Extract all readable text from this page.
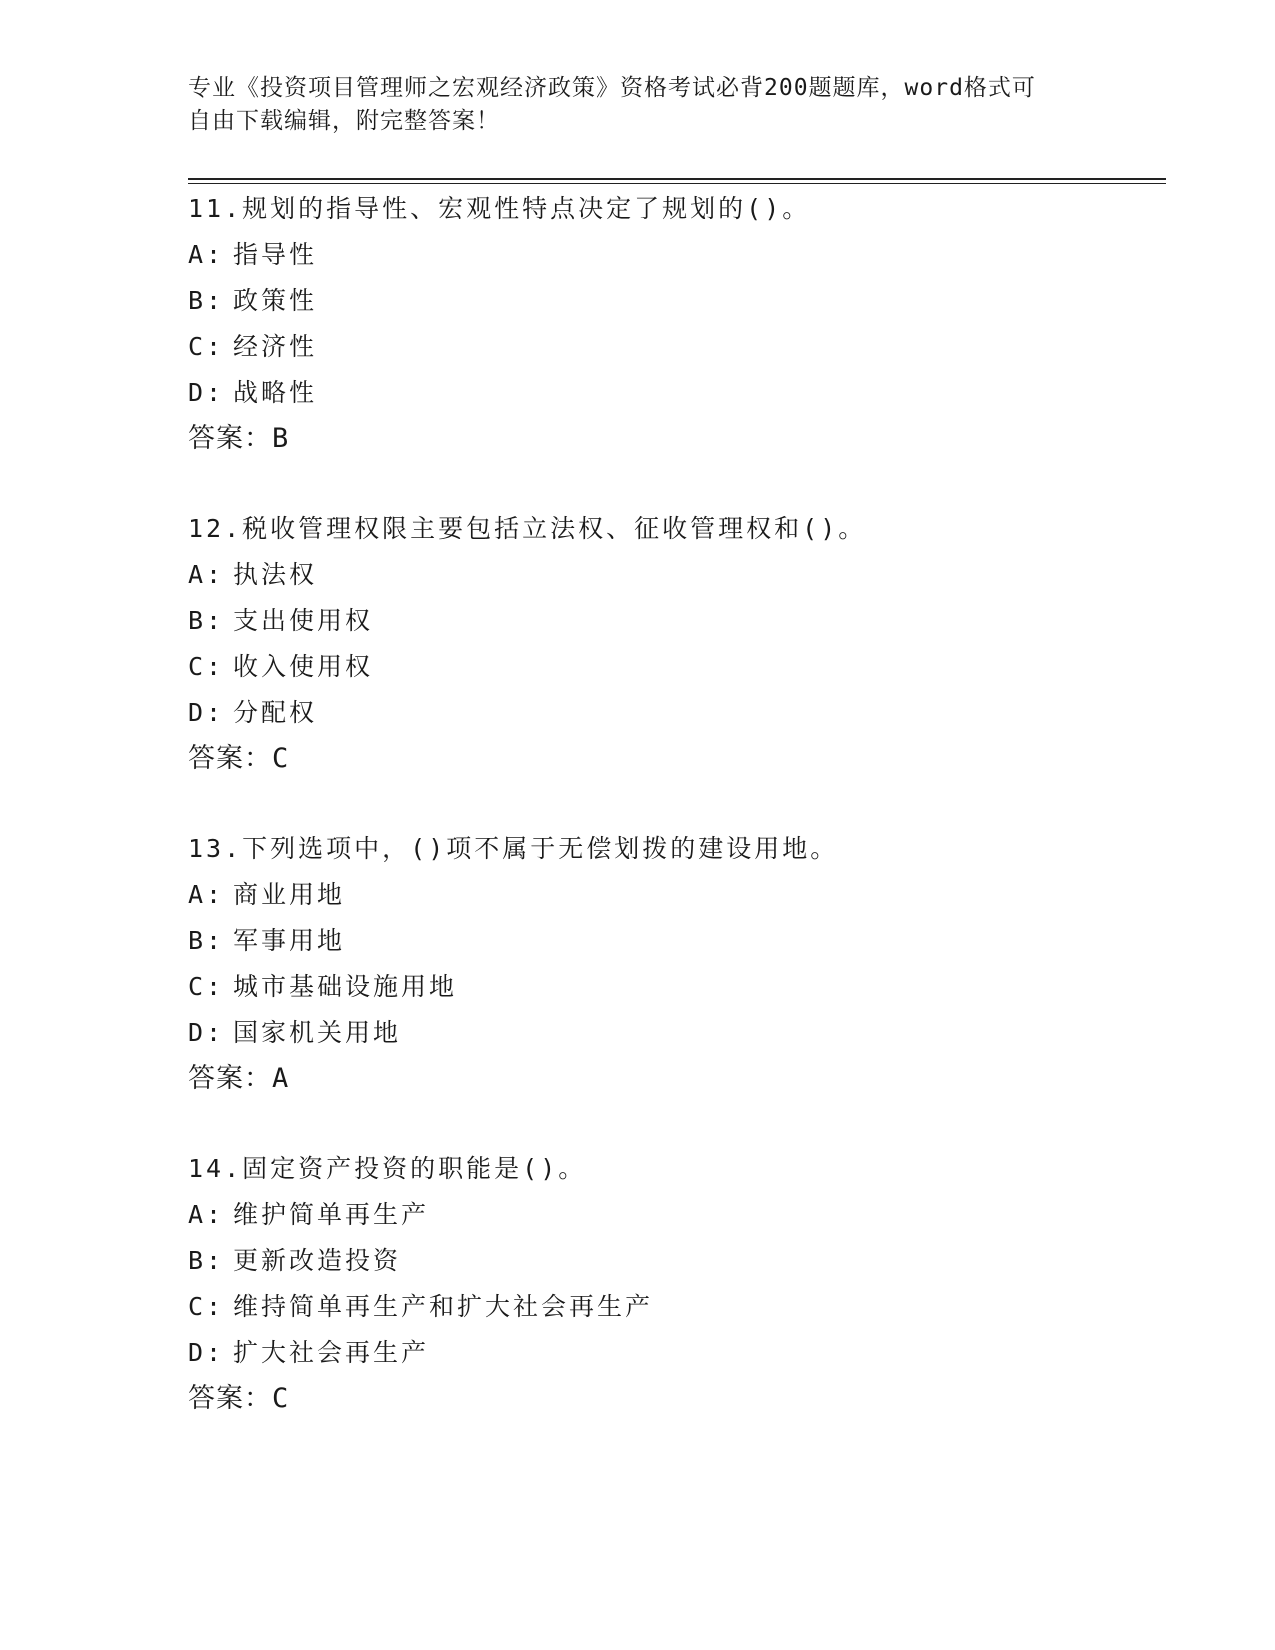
专业《投资项目管理师之宏观经济政策》资格考试必背200题题库，word格式可
自由下载编辑，附完整答案！
11.规划的指导性、宏观性特点决定了规划的()。
A: 指导性
B: 政策性
C: 经济性
D: 战略性
答案：B
12.税收管理权限主要包括立法权、征收管理权和()。
A: 执法权
B: 支出使用权
C: 收入使用权
D: 分配权
答案：C
13.下列选项中，()项不属于无偿划拨的建设用地。
A: 商业用地
B: 军事用地
C: 城市基础设施用地
D: 国家机关用地
答案：A
14.固定资产投资的职能是()。
A: 维护简单再生产
B: 更新改造投资
C: 维持简单再生产和扩大社会再生产
D: 扩大社会再生产
答案：C
